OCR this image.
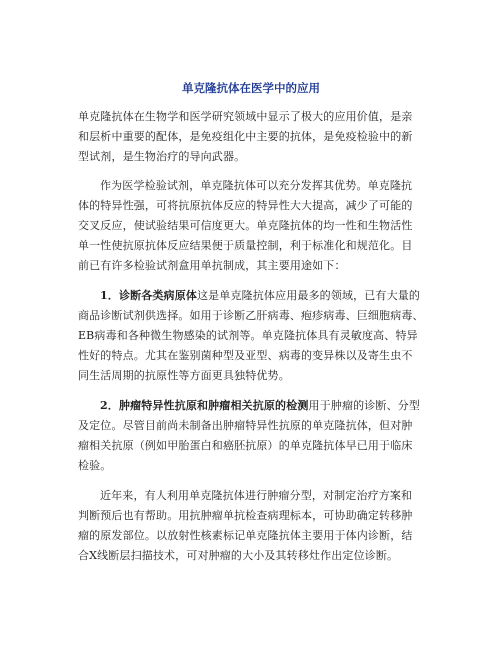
单克隆抗体在医学中的应用
单克隆抗体在生物学和医学研究领域中显示了极大的应用价值，是亲
和层析中重要的配体，是免疫组化中主要的抗体，是免疫检验中的新
型试剂，是生物治疗的导向武器。
作为医学检验试剂，单克隆抗体可以充分发挥其优势。单克隆抗
体的特异性强，可将抗原抗体反应的特异性大大提高，减少了可能的
交叉反应，使试验结果可信度更大。单克隆抗体的均一性和生物活性
单一性使抗原抗体反应结果便于质量控制，利于标准化和规范化。目
前已有许多检验试剂盒用单抗制成，其主要用途如下：
1．诊断各类病原体这是单克隆抗体应用最多的领域，已有大量的
商品诊断试剂供选择。如用于诊断乙肝病毒、疱疹病毒、巨细胞病毒、
EB病毒和各种微生物感染的试剂等。单克隆抗体具有灵敏度高、特异
性好的特点。尤其在鉴别菌种型及亚型、病毒的变异株以及寄生虫不
同生活周期的抗原性等方面更具独特优势。
2．肿瘤特异性抗原和肿瘤相关抗原的检测用于肿瘤的诊断、分型
及定位。尽管目前尚未制备出肿瘤特异性抗原的单克隆抗体，但对肿
瘤相关抗原（例如甲胎蛋白和癌胚抗原）的单克隆抗体早已用于临床
检验。
近年来，有人利用单克隆抗体进行肿瘤分型，对制定治疗方案和
判断预后也有帮助。用抗肿瘤单抗检查病理标本，可协助确定转移肿
瘤的原发部位。以放射性核素标记单克隆抗体主要用于体内诊断，结
合X线断层扫描技术，可对肿瘤的大小及其转移灶作出定位诊断。
